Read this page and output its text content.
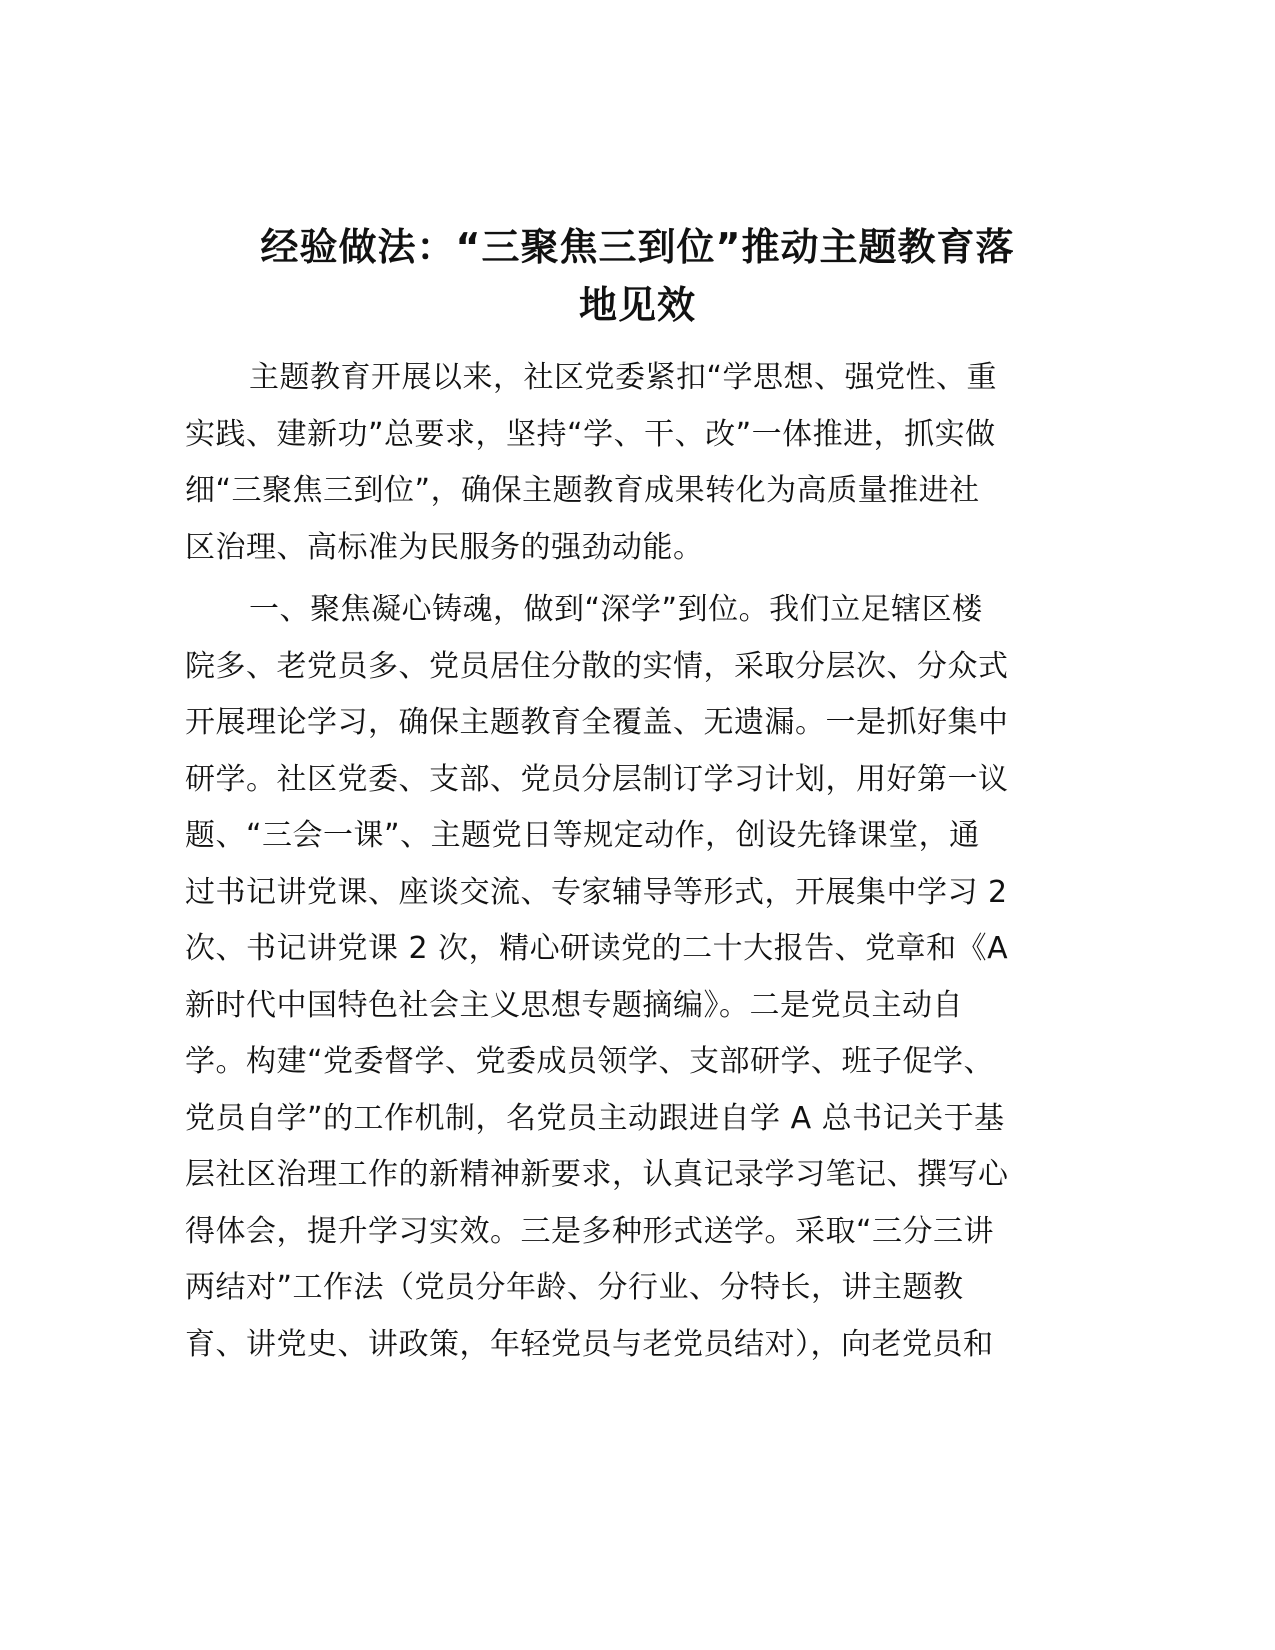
经验做法：“三聚焦三到位”推动主题教育落
地见效
主题教育开展以来，社区党委紧扣“学思想、强党性、重
实践、建新功”总要求，坚持“学、干、改”一体推进，抓实做
细“三聚焦三到位”，确保主题教育成果转化为高质量推进社
区治理、高标准为民服务的强劲动能。
一、聚焦凝心铸魂，做到“深学”到位。我们立足辖区楼
院多、老党员多、党员居住分散的实情，采取分层次、分众式
开展理论学习，确保主题教育全覆盖、无遗漏。一是抓好集中
研学。社区党委、支部、党员分层制订学习计划，用好第一议
题、“三会一课”、主题党日等规定动作，创设先锋课堂，通
过书记讲党课、座谈交流、专家辅导等形式，开展集中学习 2
次、书记讲党课 2 次，精心研读党的二十大报告、党章和《A
新时代中国特色社会主义思想专题摘编》。二是党员主动自
学。构建“党委督学、党委成员领学、支部研学、班子促学、
党员自学”的工作机制，名党员主动跟进自学 A 总书记关于基
层社区治理工作的新精神新要求，认真记录学习笔记、撰写心
得体会，提升学习实效。三是多种形式送学。采取“三分三讲
两结对”工作法（党员分年龄、分行业、分特长，讲主题教
育、讲党史、讲政策，年轻党员与老党员结对），向老党员和
